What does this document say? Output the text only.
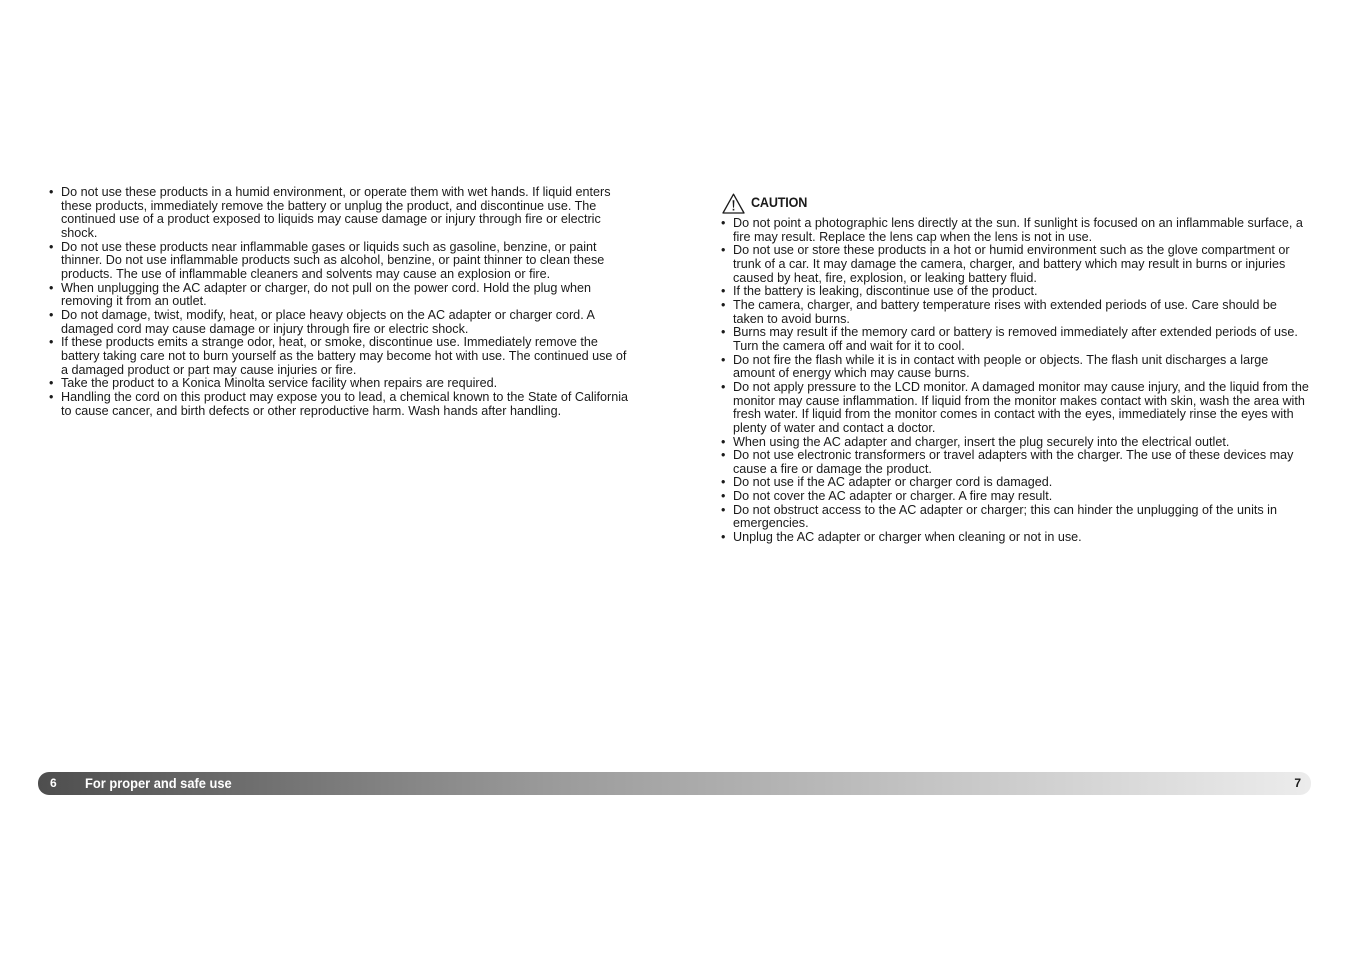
• Do not use these products in a humid environment, or operate them with wet hands. If liquid enters these products, immediately remove the battery or unplug the product, and discontinue use. The continued use of a product exposed to liquids may cause damage or injury through fire or electric shock.
• Do not use these products near inflammable gases or liquids such as gasoline, benzine, or paint thinner. Do not use inflammable products such as alcohol, benzine, or paint thinner to clean these products. The use of inflammable cleaners and solvents may cause an explosion or fire.
• When unplugging the AC adapter or charger, do not pull on the power cord. Hold the plug when removing it from an outlet.
• Do not damage, twist, modify, heat, or place heavy objects on the AC adapter or charger cord. A damaged cord may cause damage or injury through fire or electric shock.
• If these products emits a strange odor, heat, or smoke, discontinue use. Immediately remove the battery taking care not to burn yourself as the battery may become hot with use. The continued use of a damaged product or part may cause injuries or fire.
• Take the product to a Konica Minolta service facility when repairs are required.
• Handling the cord on this product may expose you to lead, a chemical known to the State of California to cause cancer, and birth defects or other reproductive harm. Wash hands after handling.
CAUTION
• Do not point a photographic lens directly at the sun. If sunlight is focused on an inflammable surface, a fire may result. Replace the lens cap when the lens is not in use.
• Do not use or store these products in a hot or humid environment such as the glove compartment or trunk of a car. It may damage the camera, charger, and battery which may result in burns or injuries caused by heat, fire, explosion, or leaking battery fluid.
• If the battery is leaking, discontinue use of the product.
• The camera, charger, and battery temperature rises with extended periods of use. Care should be taken to avoid burns.
• Burns may result if the memory card or battery is removed immediately after extended periods of use. Turn the camera off and wait for it to cool.
• Do not fire the flash while it is in contact with people or objects. The flash unit discharges a large amount of energy which may cause burns.
• Do not apply pressure to the LCD monitor. A damaged monitor may cause injury, and the liquid from the monitor may cause inflammation. If liquid from the monitor makes contact with skin, wash the area with fresh water. If liquid from the monitor comes in contact with the eyes, immediately rinse the eyes with plenty of water and contact a doctor.
• When using the AC adapter and charger, insert the plug securely into the electrical outlet.
• Do not use electronic transformers or travel adapters with the charger. The use of these devices may cause a fire or damage the product.
• Do not use if the AC adapter or charger cord is damaged.
• Do not cover the AC adapter or charger. A fire may result.
• Do not obstruct access to the AC adapter or charger; this can hinder the unplugging of the units in emergencies.
• Unplug the AC adapter or charger when cleaning or not in use.
6 For proper and safe use	7
